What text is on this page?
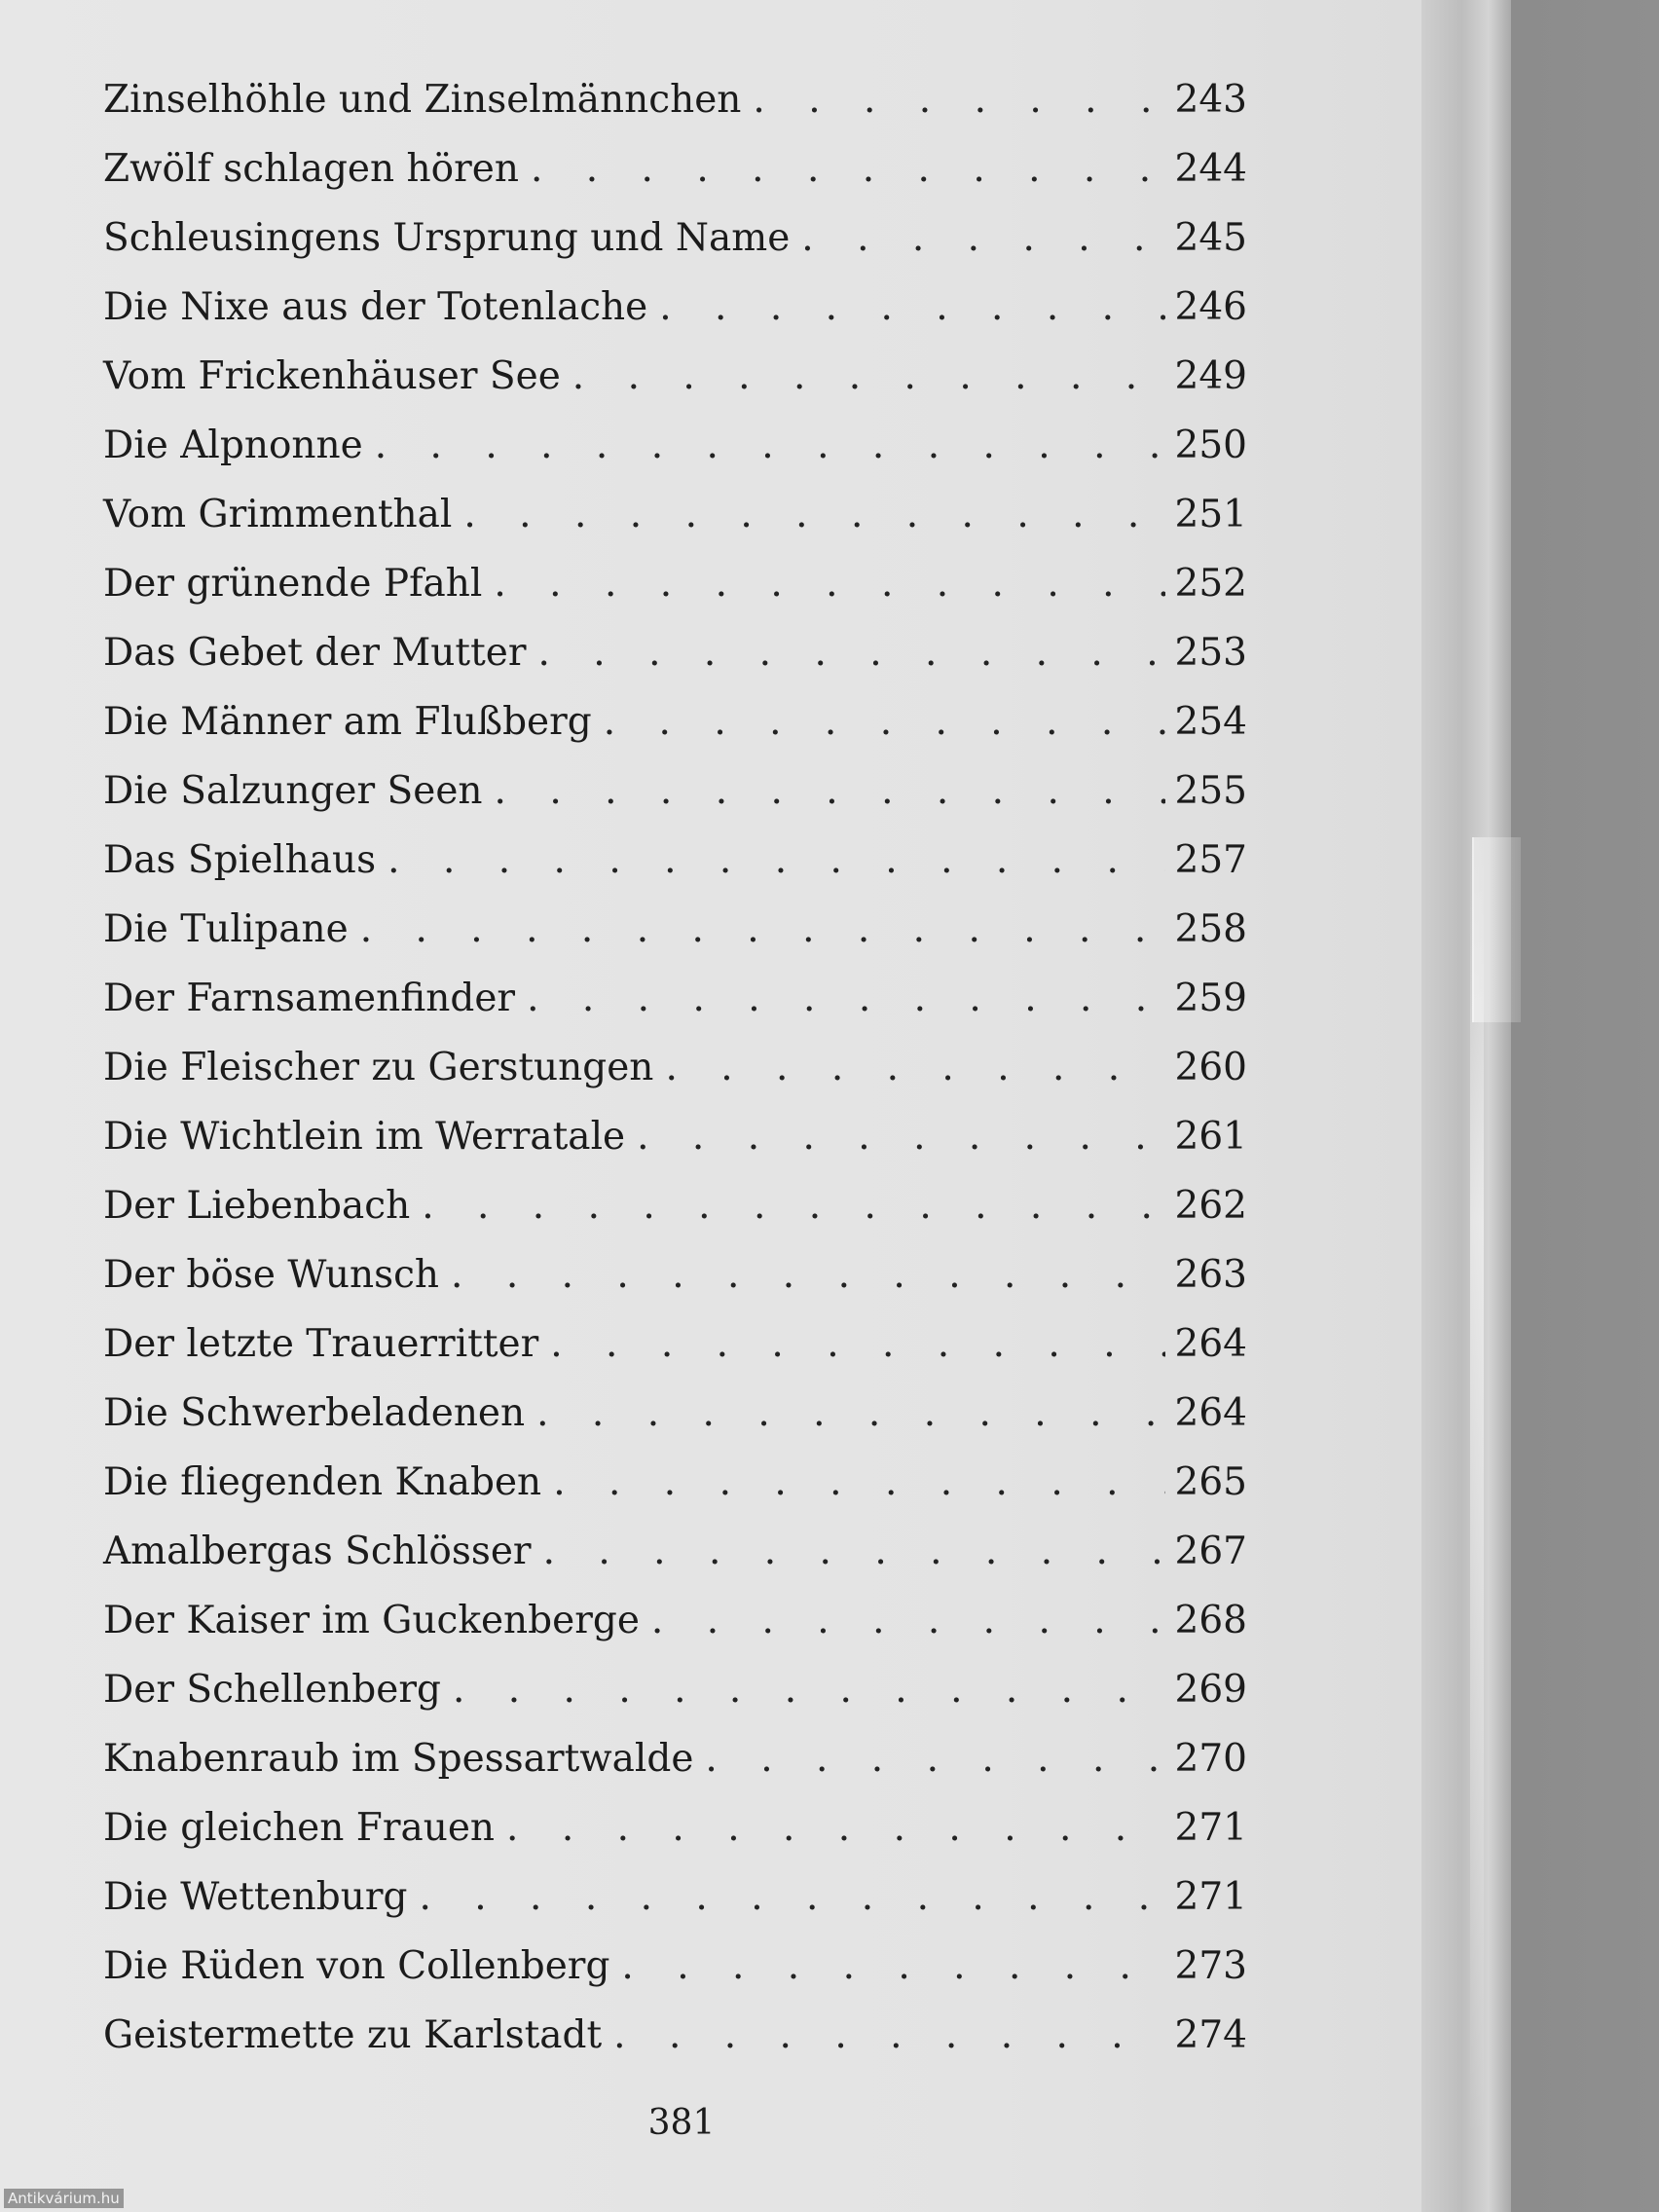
Zinselhöhle und Zinselmännchen . . .	243
Zwölf schlagen hören . . .	244
Schleusingens Ursprung und Name . . .	245
Die Nixe aus der Totenlache . . .	246
Vom Frickenhäuser See . . .	249
Die Alpnonne . . .	250
Vom Grimmenthal . . .	251
Der grünende Pfahl . . .	252
Das Gebet der Mutter . . .	253
Die Männer am Flußberg . . .	254
Die Salzunger Seen . . .	255
Das Spielhaus . . .	257
Die Tulipane . . .	258
Der Farnsamenfinder . . .	259
Die Fleischer zu Gerstungen . . .	260
Die Wichtlein im Werratale . . .	261
Der Liebenbach . . .	262
Der böse Wunsch . . .	263
Der letzte Trauerritter . . .	264
Die Schwerbeladenen . . .	264
Die fliegenden Knaben . . .	265
Amalbergas Schlösser . . .	267
Der Kaiser im Guckenberge . . .	268
Der Schellenberg . . .	269
Knabenraub im Spessartwalde . . .	270
Die gleichen Frauen . . .	271
Die Wettenburg . . .	271
Die Rüden von Collenberg . . .	273
Geistermette zu Karlstadt . . .	274
381
Antikvárium.hu
